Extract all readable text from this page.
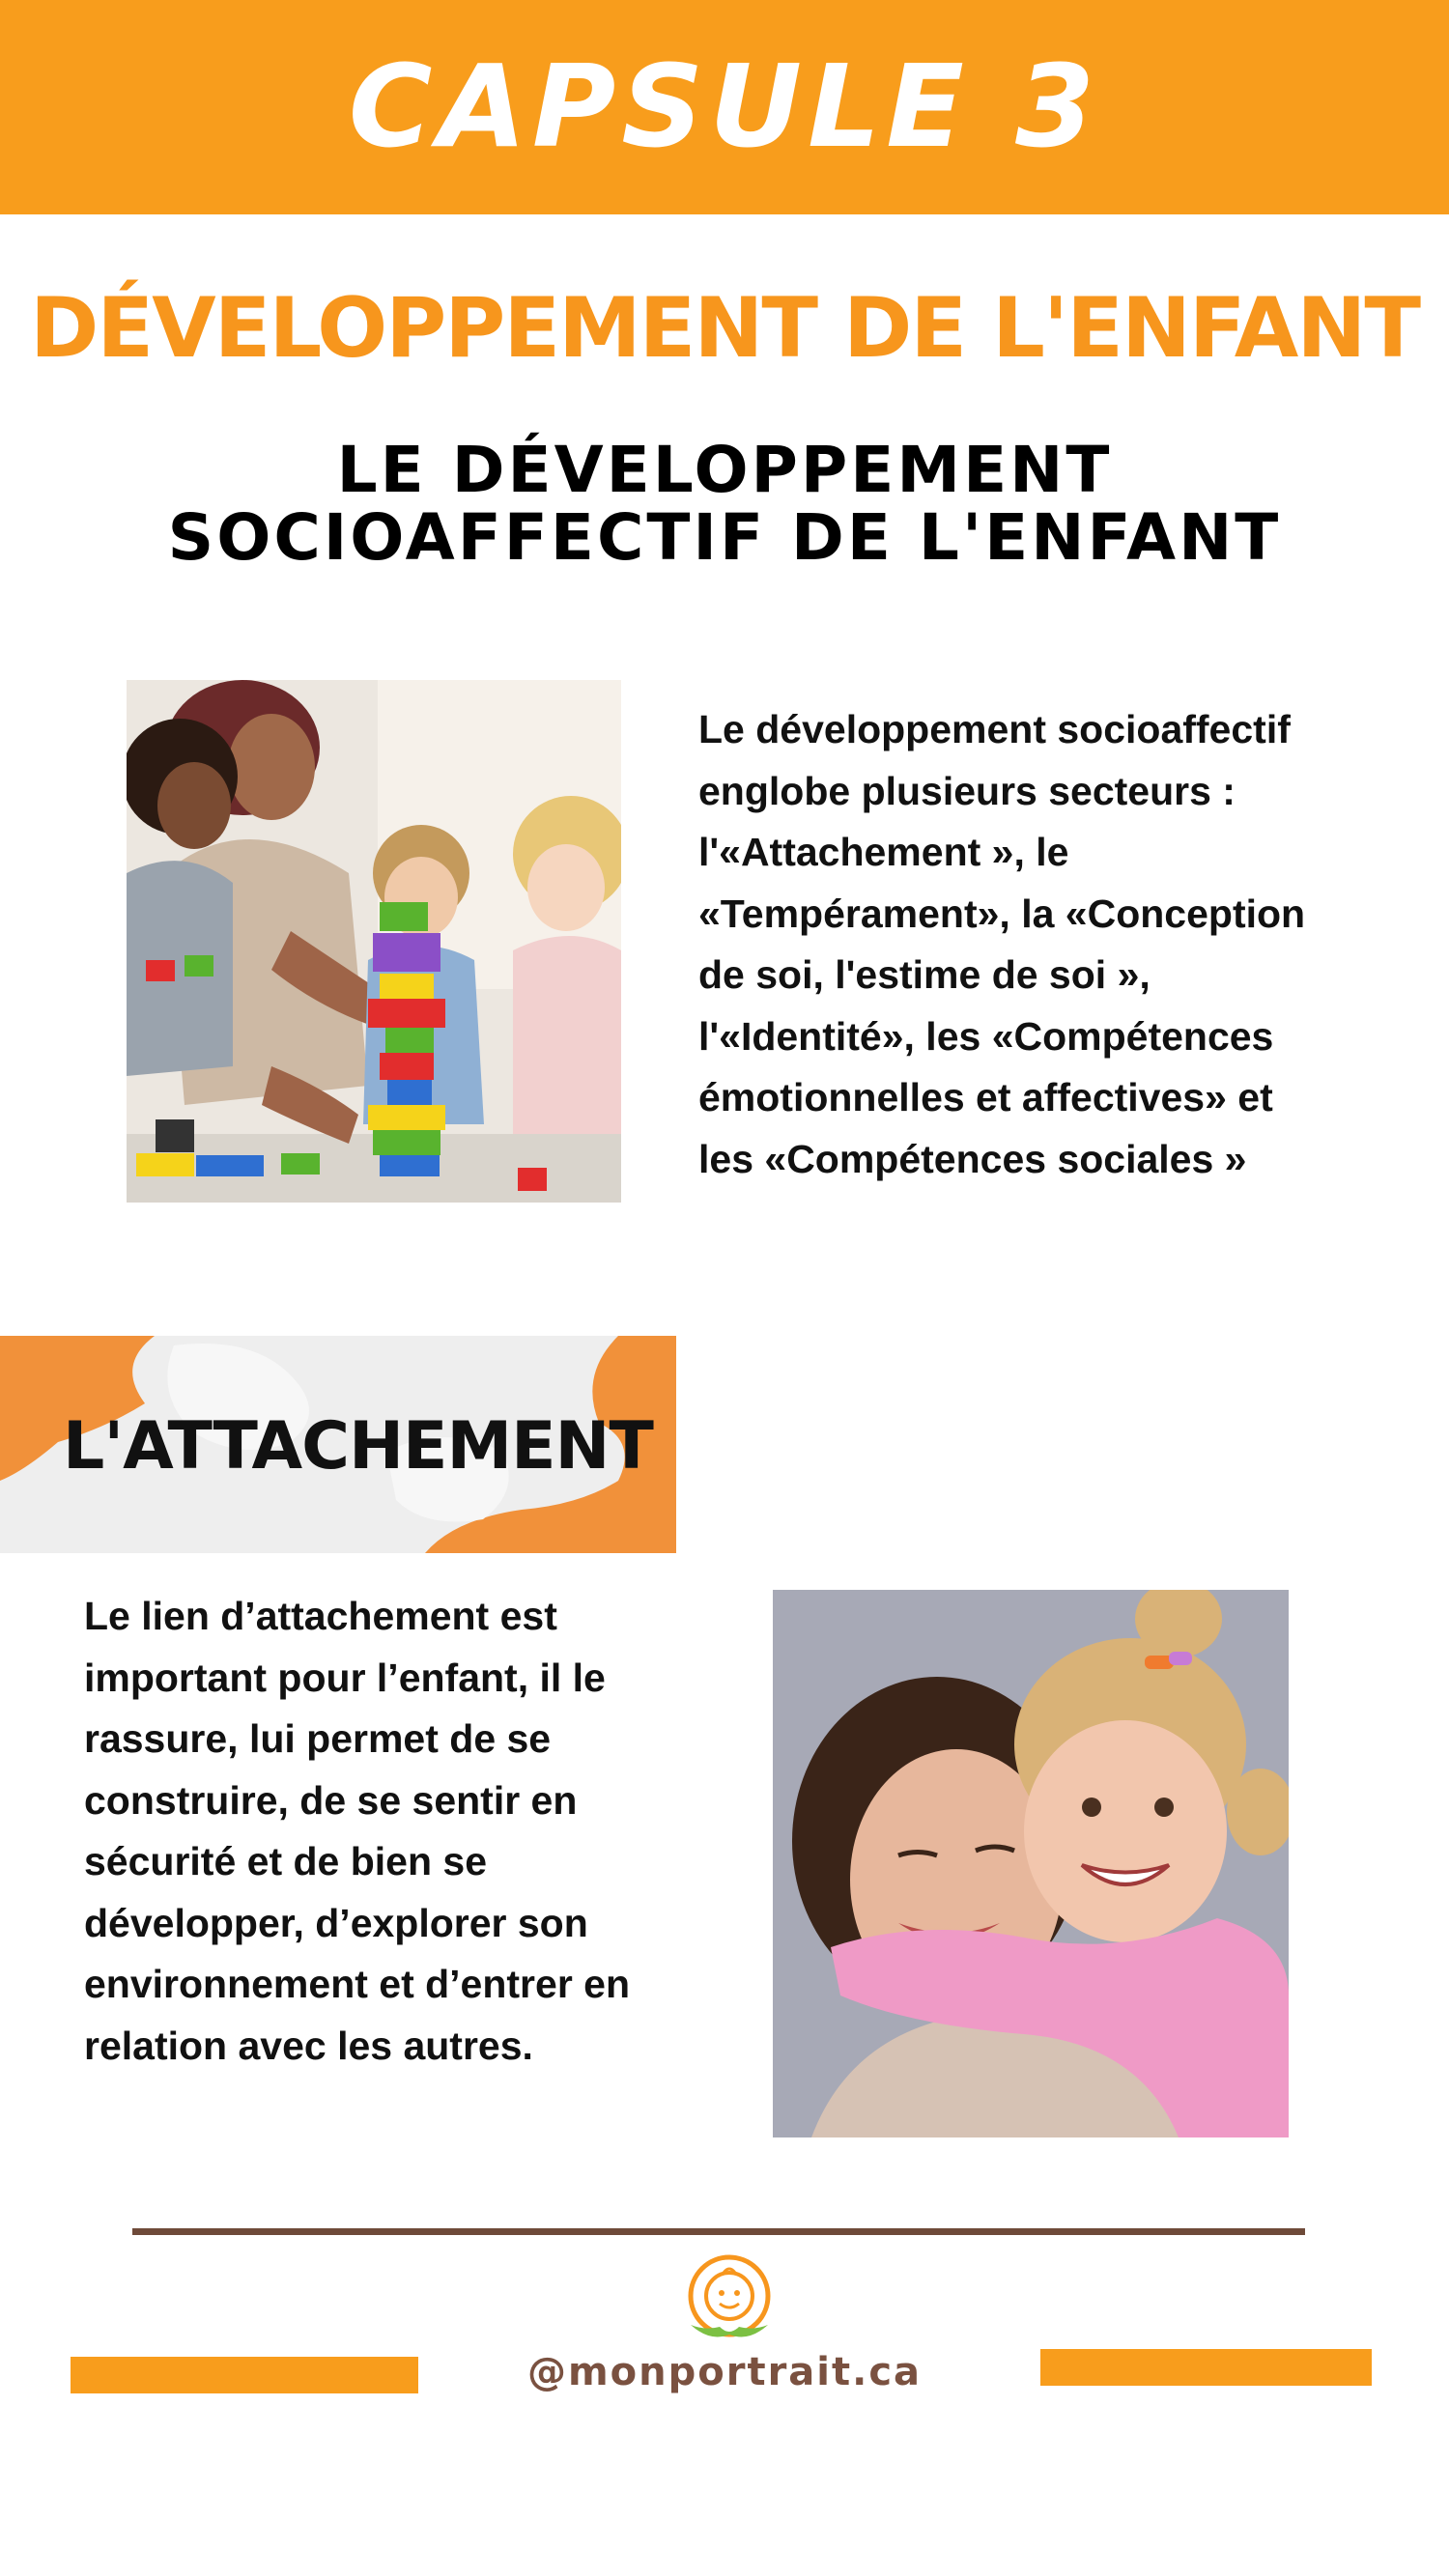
CAPSULE 3
DÉVELOPPEMENT DE L'ENFANT
LE DÉVELOPPEMENT
SOCIOAFFECTIF DE L'ENFANT
Le développement socioaffectif
englobe plusieurs secteurs :
l'«Attachement », le
«Tempérament», la «Conception
de soi, l'estime de soi »,
l'«Identité», les «Compétences
émotionnelles et affectives» et
les «Compétences sociales »
L'ATTACHEMENT
Le lien d’attachement est
important pour l’enfant, il le
rassure, lui permet de se
construire, de se sentir en
sécurité et de bien se
développer, d’explorer son
environnement et d’entrer en
relation avec les autres.
@monportrait.ca
